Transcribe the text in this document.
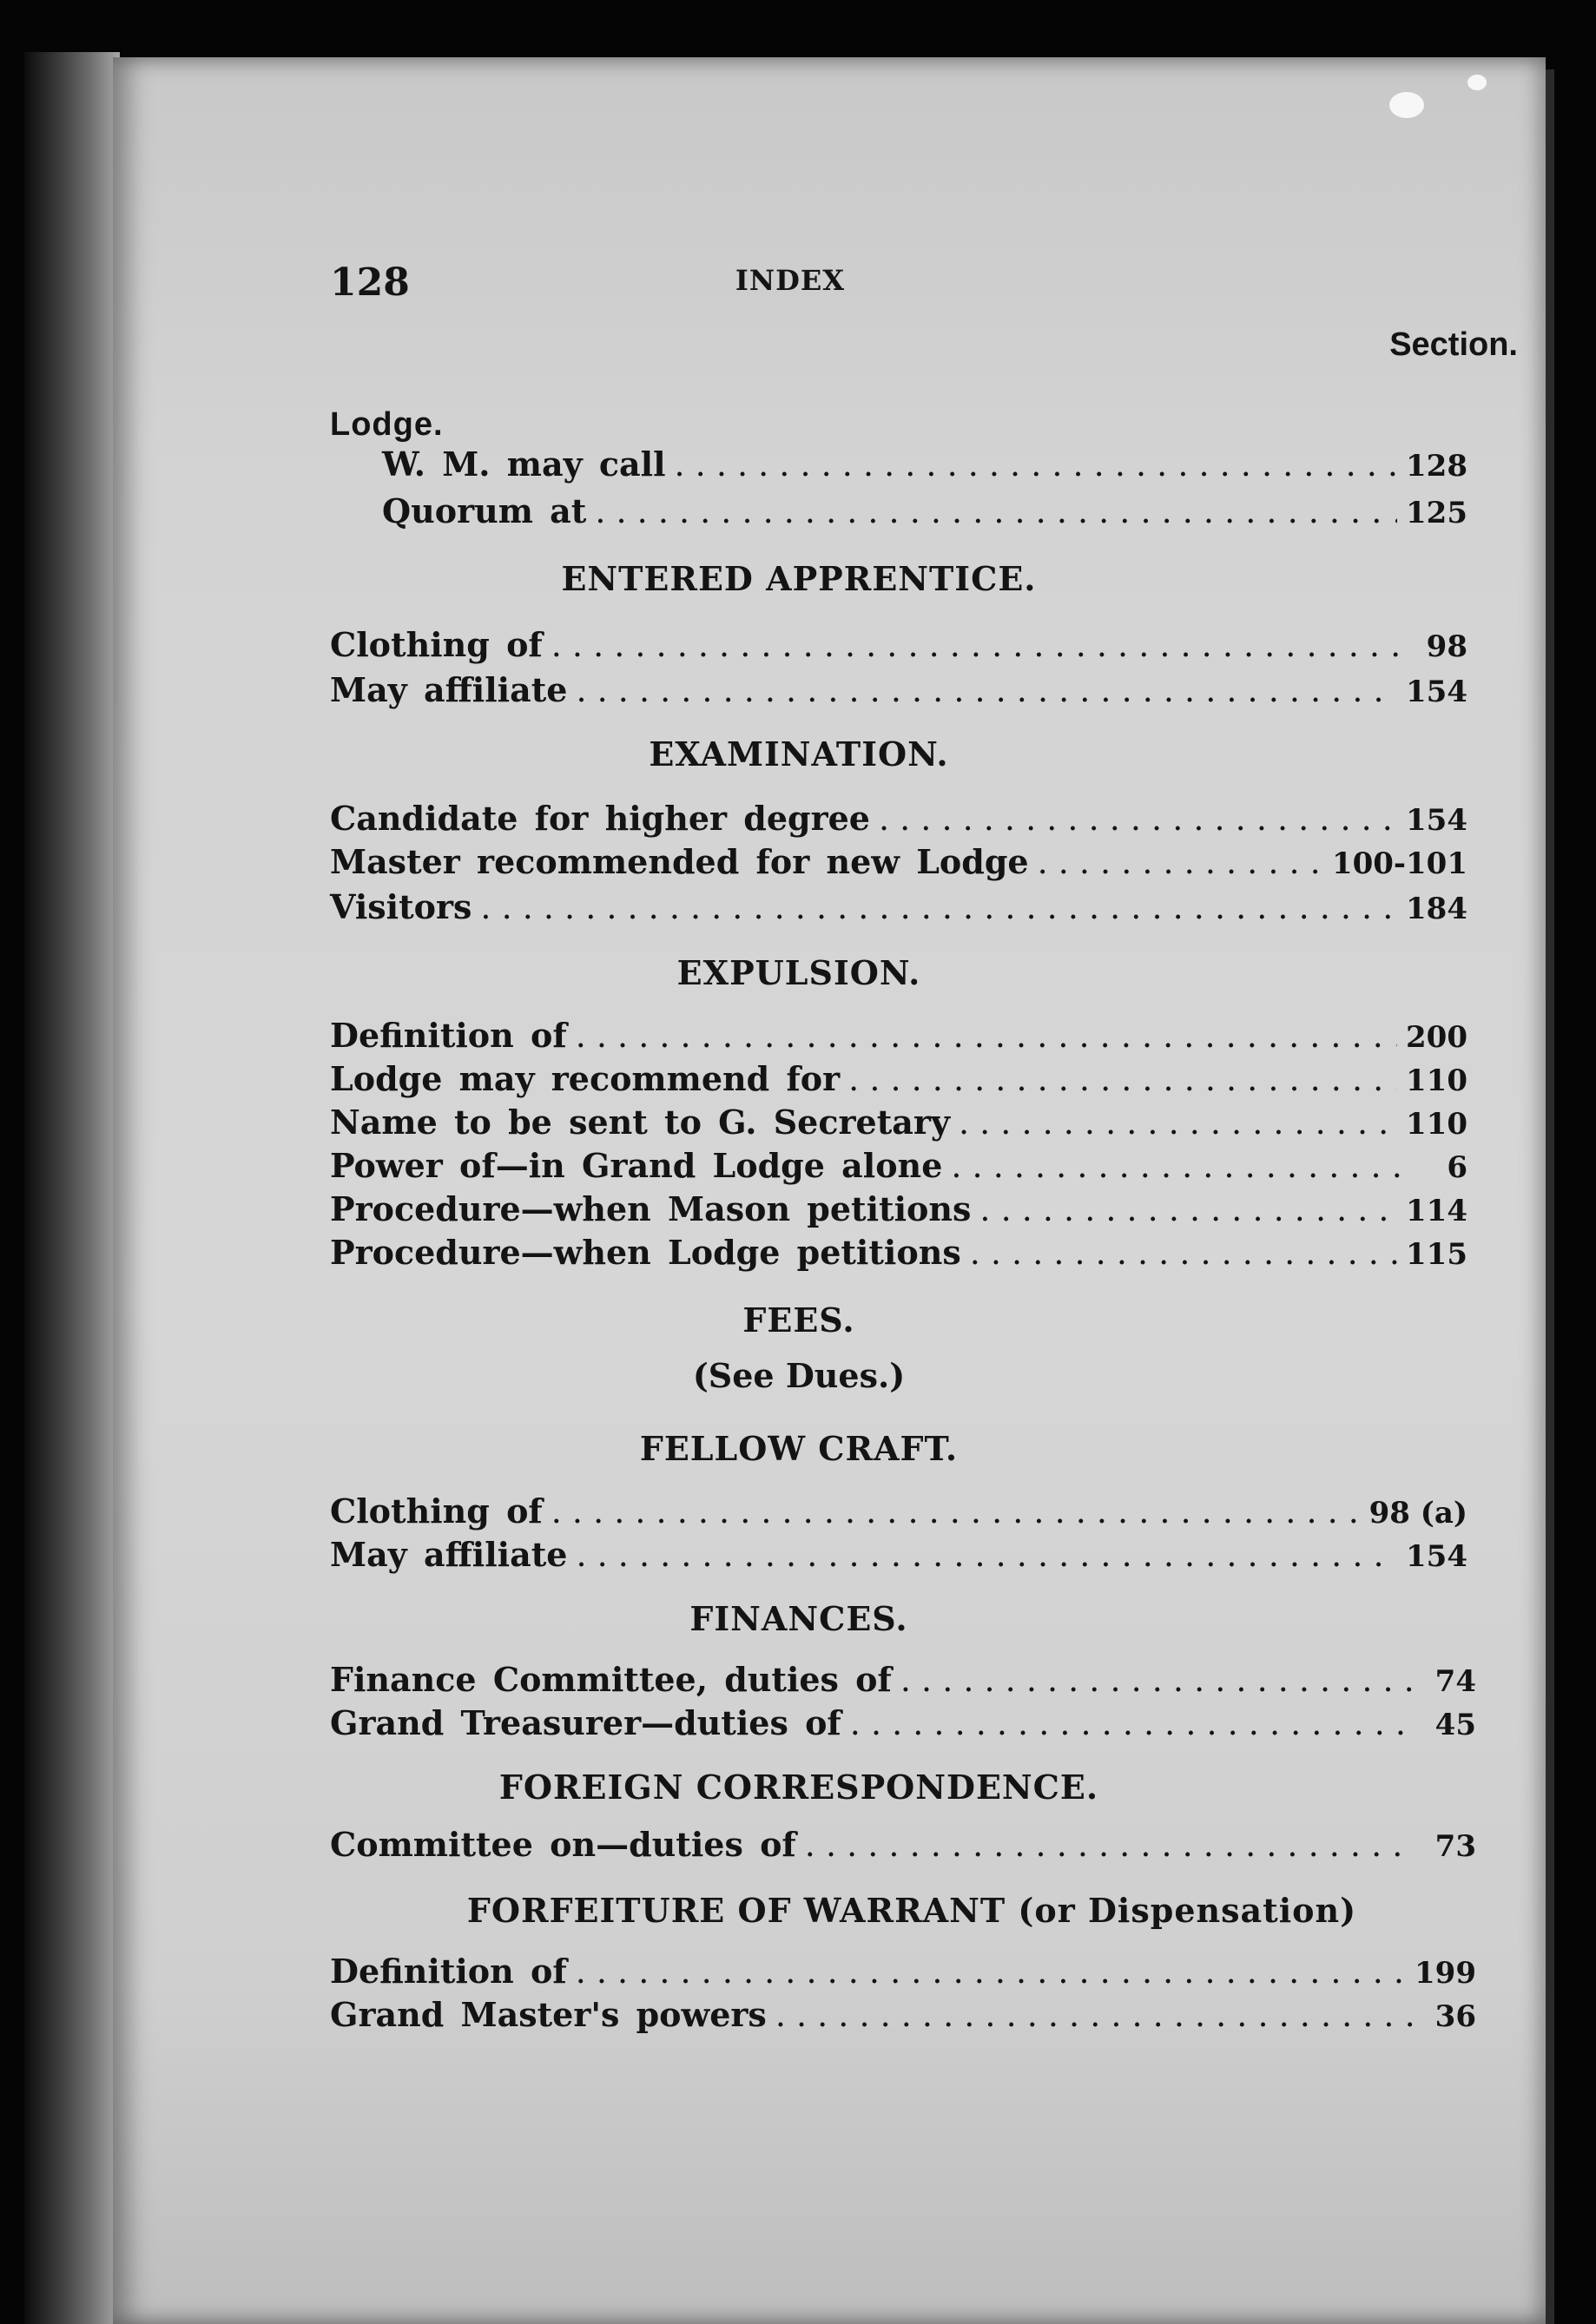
128	INDEX
Section.
Lodge.
W. M. may call . . .	128
Quorum at . . .	125
ENTERED APPRENTICE.
Clothing of . . .	98
May affiliate . . .	154
EXAMINATION.
Candidate for higher degree . . .	154
Master recommended for new Lodge . . .	100-101
Visitors . . .	184
EXPULSION.
Definition of . . .	200
Lodge may recommend for . . .	110
Name to be sent to G. Secretary . . .	110
Power of—in Grand Lodge alone . . .	6
Procedure—when Mason petitions . . .	114
Procedure—when Lodge petitions . . .	115
FEES.
(See Dues.)
FELLOW CRAFT.
Clothing of . . .	98 (a)
May affiliate . . .	154
FINANCES.
Finance Committee, duties of . . .	74
Grand Treasurer—duties of . . .	45
FOREIGN CORRESPONDENCE.
Committee on—duties of . . .	73
FORFEITURE OF WARRANT (or Dispensation)
Definition of . . .	199
Grand Master's powers . . .	36
